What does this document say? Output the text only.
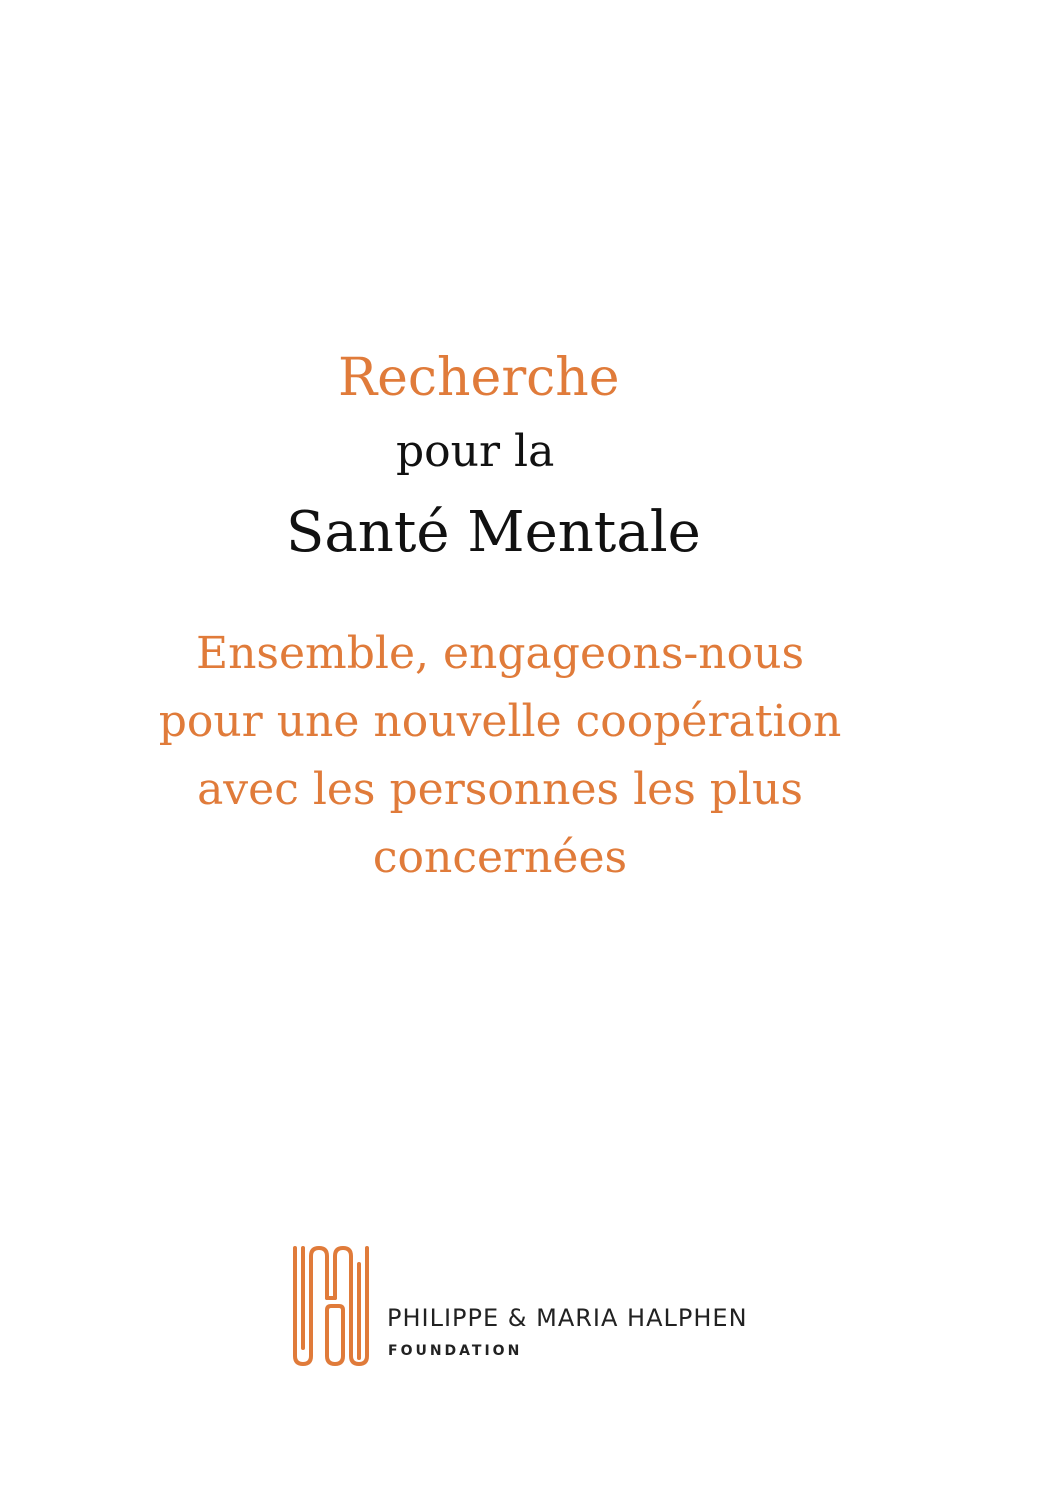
Recherche
pour la
Santé Mentale
Ensemble, engageons-nous
pour une nouvelle coopération
avec les personnes les plus
concernées
PHILIPPE & MARIA HALPHEN
FOUNDATION
